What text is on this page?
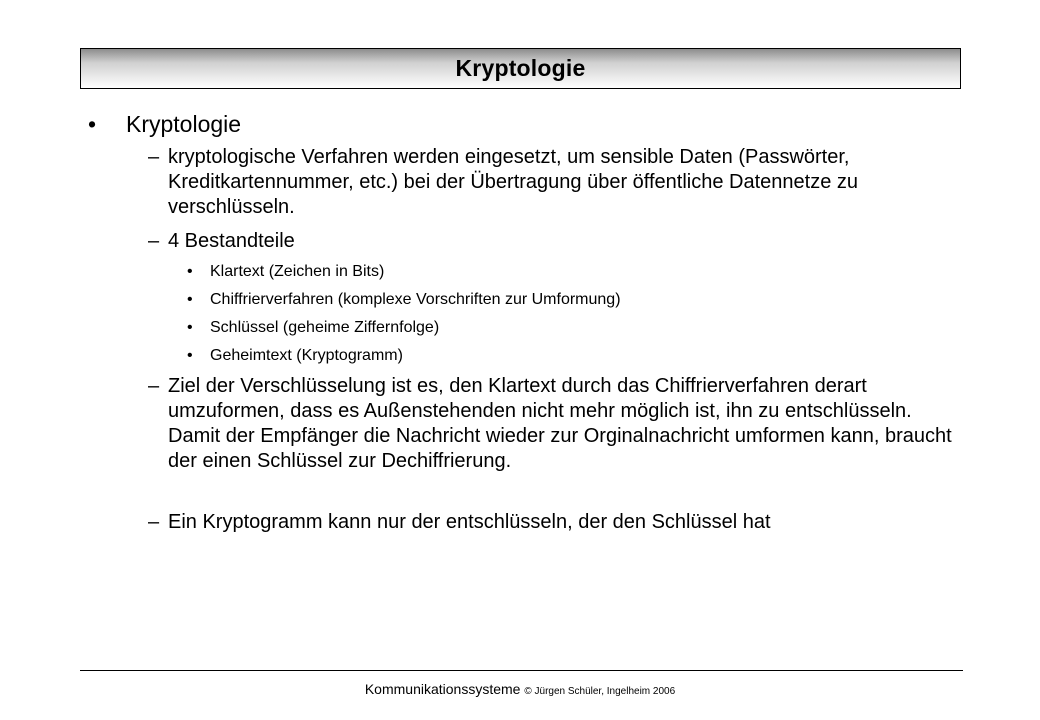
Kryptologie
•	Kryptologie
– kryptologische Verfahren werden eingesetzt, um sensible Daten (Passwörter, Kreditkartennummer, etc.) bei der Übertragung über öffentliche Datennetze zu verschlüsseln.
– 4 Bestandteile
•	Klartext (Zeichen in Bits)
•	Chiffrierverfahren (komplexe Vorschriften zur Umformung)
•	Schlüssel (geheime Ziffernfolge)
•	Geheimtext (Kryptogramm)
– Ziel der Verschlüsselung ist es, den Klartext durch das Chiffrierverfahren derart umzuformen, dass es Außenstehenden nicht mehr möglich ist, ihn zu entschlüsseln. Damit der Empfänger die Nachricht wieder zur Orginalnachricht umformen kann, braucht der einen Schlüssel zur Dechiffrierung.
– Ein Kryptogramm kann nur der entschlüsseln, der den Schlüssel hat
Kommunikationssysteme © Jürgen Schüler, Ingelheim 2006
